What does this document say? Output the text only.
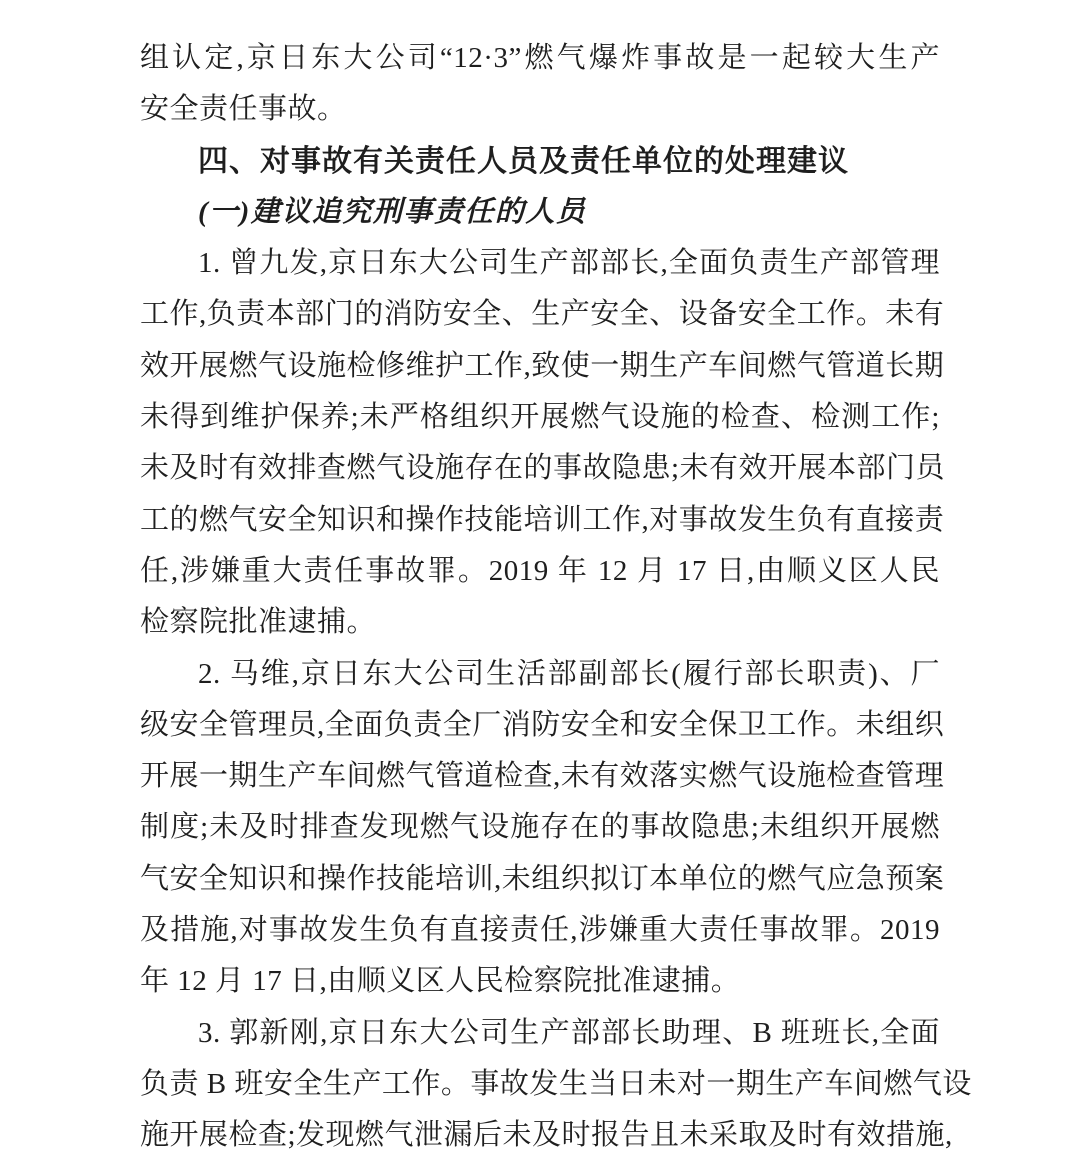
组认定,京日东大公司“12·3”燃气爆炸事故是一起较大生产
安全责任事故。
四、对事故有关责任人员及责任单位的处理建议
(一)建议追究刑事责任的人员
1. 曾九发,京日东大公司生产部部长,全面负责生产部管理
工作,负责本部门的消防安全、生产安全、设备安全工作。未有
效开展燃气设施检修维护工作,致使一期生产车间燃气管道长期
未得到维护保养;未严格组织开展燃气设施的检查、检测工作;
未及时有效排查燃气设施存在的事故隐患;未有效开展本部门员
工的燃气安全知识和操作技能培训工作,对事故发生负有直接责
任,涉嫌重大责任事故罪。2019 年 12 月 17 日,由顺义区人民
检察院批准逮捕。
2. 马维,京日东大公司生活部副部长(履行部长职责)、厂
级安全管理员,全面负责全厂消防安全和安全保卫工作。未组织
开展一期生产车间燃气管道检查,未有效落实燃气设施检查管理
制度;未及时排查发现燃气设施存在的事故隐患;未组织开展燃
气安全知识和操作技能培训,未组织拟订本单位的燃气应急预案
及措施,对事故发生负有直接责任,涉嫌重大责任事故罪。2019
年 12 月 17 日,由顺义区人民检察院批准逮捕。
3. 郭新刚,京日东大公司生产部部长助理、B 班班长,全面
负责 B 班安全生产工作。事故发生当日未对一期生产车间燃气设
施开展检查;发现燃气泄漏后未及时报告且未采取及时有效措施,
